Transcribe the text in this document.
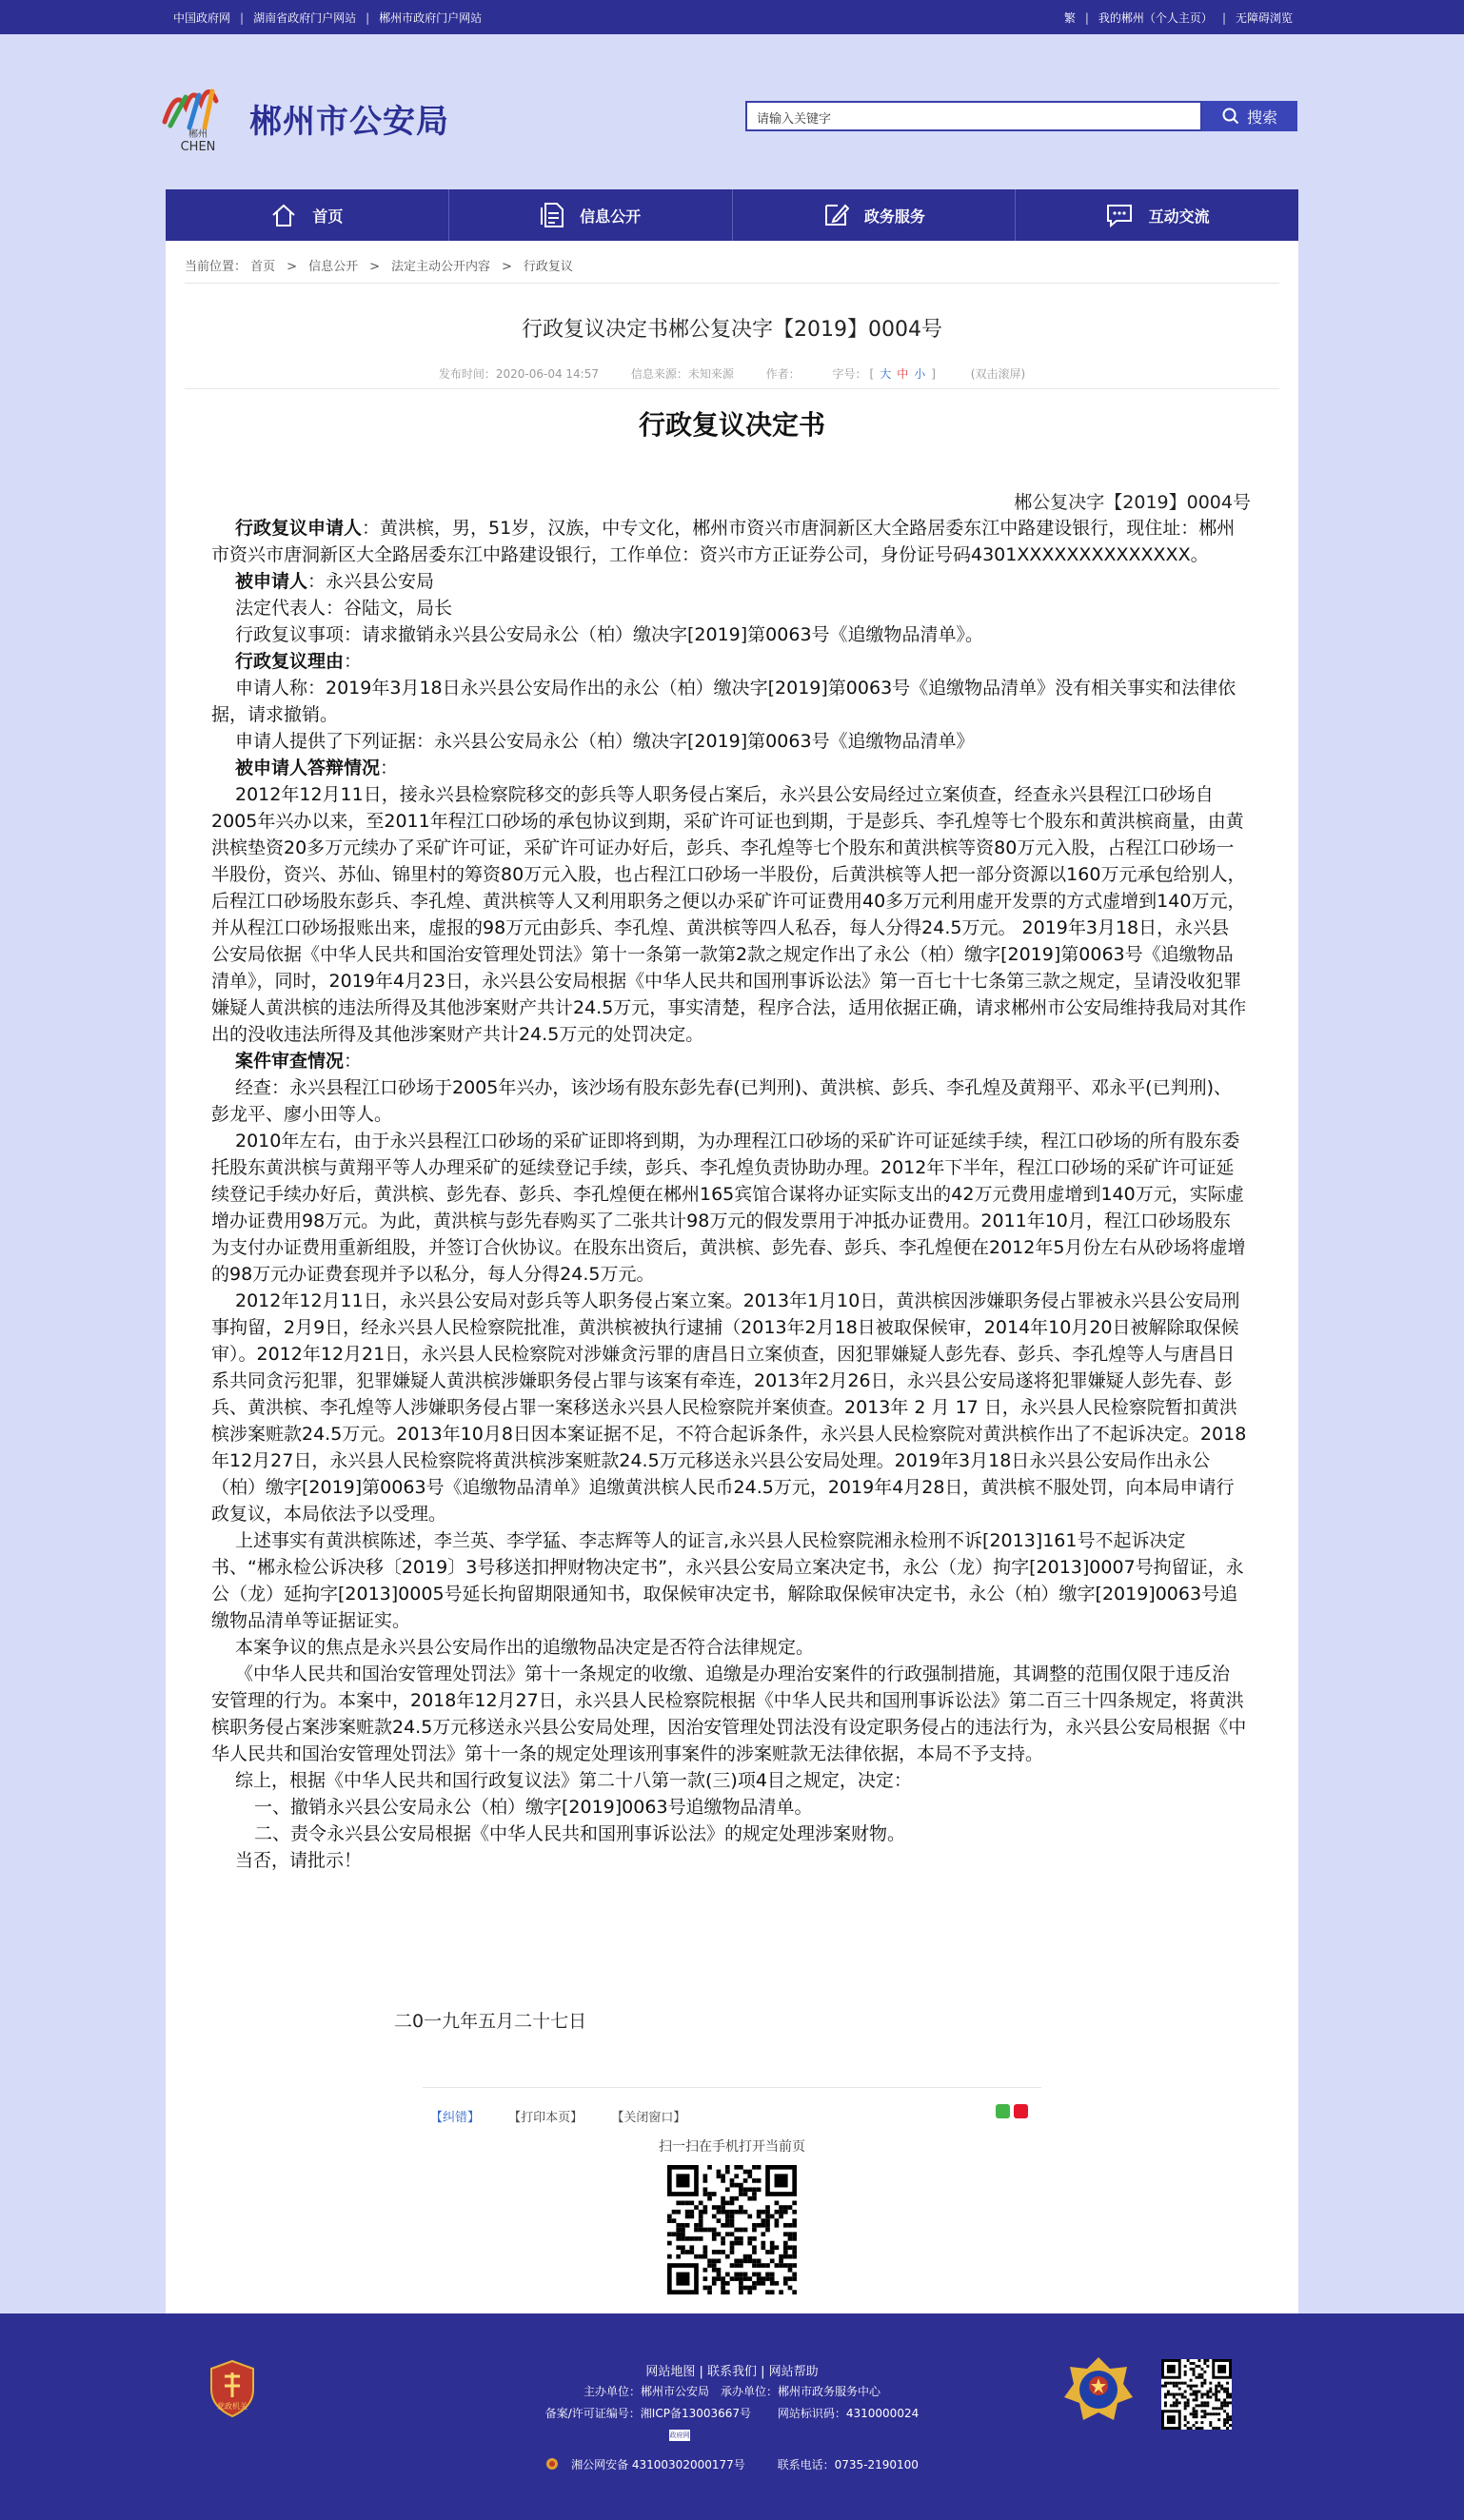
中国政府网 | 湖南省政府门户网站 | 郴州市政府门户网站	繁 | 我的郴州（个人主页） | 无障碍浏览
郴州
CHEN
郴州市公安局	请输入关键字	搜索
首页	信息公开	政务服务	互动交流
当前位置： 首页 > 信息公开 > 法定主动公开内容 > 行政复议
行政复议决定书郴公复决字【2019】0004号
发布时间：2020-06-04 14:57	信息来源：未知来源	作者：	字号： [ 大 中 小 ]	(双击滚屏)
行政复议决定书
郴公复决字【2019】0004号

行政复议申请人：黄洪槟，男，51岁，汉族，中专文化，郴州市资兴市唐洞新区大全路居委东江中路建设银行，现住址：郴州市资兴市唐洞新区大全路居委东江中路建设银行，工作单位：资兴市方正证券公司，身份证号码4301XXXXXXXXXXXXXX。

被申请人：永兴县公安局

法定代表人：谷陆文，局长

行政复议事项：请求撤销永兴县公安局永公（柏）缴决字[2019]第0063号《追缴物品清单》。

行政复议理由：

申请人称：2019年3月18日永兴县公安局作出的永公（柏）缴决字[2019]第0063号《追缴物品清单》没有相关事实和法律依据，请求撤销。

申请人提供了下列证据：永兴县公安局永公（柏）缴决字[2019]第0063号《追缴物品清单》

被申请人答辩情况：

2012年12月11日，接永兴县检察院移交的彭兵等人职务侵占案后，永兴县公安局经过立案侦查，经查永兴县程江口砂场自2005年兴办以来，至2011年程江口砂场的承包协议到期，采矿许可证也到期，于是彭兵、李孔煌等七个股东和黄洪槟商量，由黄洪槟垫资20多万元续办了采矿许可证，采矿许可证办好后，彭兵、李孔煌等七个股东和黄洪槟等资80万元入股，占程江口砂场一半股份，资兴、苏仙、锦里村的筹资80万元入股，也占程江口砂场一半股份，后黄洪槟等人把一部分资源以160万元承包给别人，后程江口砂场股东彭兵、李孔煌、黄洪槟等人又利用职务之便以办采矿许可证费用40多万元利用虚开发票的方式虚增到140万元，并从程江口砂场报账出来，虚报的98万元由彭兵、李孔煌、黄洪槟等四人私吞，每人分得24.5万元。 2019年3月18日，永兴县公安局依据《中华人民共和国治安管理处罚法》第十一条第一款第2款之规定作出了永公（柏）缴字[2019]第0063号《追缴物品清单》，同时，2019年4月23日，永兴县公安局根据《中华人民共和国刑事诉讼法》第一百七十七条第三款之规定，呈请没收犯罪嫌疑人黄洪槟的违法所得及其他涉案财产共计24.5万元，事实清楚，程序合法，适用依据正确，请求郴州市公安局维持我局对其作出的没收违法所得及其他涉案财产共计24.5万元的处罚决定。

案件审查情况：

经查：永兴县程江口砂场于2005年兴办，该沙场有股东彭先春(已判刑)、黄洪槟、彭兵、李孔煌及黄翔平、邓永平(已判刑)、彭龙平、廖小田等人。

2010年左右，由于永兴县程江口砂场的采矿证即将到期，为办理程江口砂场的采矿许可证延续手续，程江口砂场的所有股东委托股东黄洪槟与黄翔平等人办理采矿的延续登记手续，彭兵、李孔煌负责协助办理。2012年下半年，程江口砂场的采矿许可证延续登记手续办好后，黄洪槟、彭先春、彭兵、李孔煌便在郴州165宾馆合谋将办证实际支出的42万元费用虚增到140万元，实际虚增办证费用98万元。为此，黄洪槟与彭先春购买了二张共计98万元的假发票用于冲抵办证费用。2011年10月，程江口砂场股东为支付办证费用重新组股，并签订合伙协议。在股东出资后，黄洪槟、彭先春、彭兵、李孔煌便在2012年5月份左右从砂场将虚增的98万元办证费套现并予以私分，每人分得24.5万元。

2012年12月11日，永兴县公安局对彭兵等人职务侵占案立案。2013年1月10日，黄洪槟因涉嫌职务侵占罪被永兴县公安局刑事拘留，2月9日，经永兴县人民检察院批准，黄洪槟被执行逮捕（2013年2月18日被取保候审，2014年10月20日被解除取保候审）。2012年12月21日，永兴县人民检察院对涉嫌贪污罪的唐昌日立案侦查，因犯罪嫌疑人彭先春、彭兵、李孔煌等人与唐昌日系共同贪污犯罪，犯罪嫌疑人黄洪槟涉嫌职务侵占罪与该案有牵连，2013年2月26日，永兴县公安局遂将犯罪嫌疑人彭先春、彭兵、黄洪槟、李孔煌等人涉嫌职务侵占罪一案移送永兴县人民检察院并案侦查。2013年 2 月 17 日，永兴县人民检察院暂扣黄洪槟涉案赃款24.5万元。2013年10月8日因本案证据不足，不符合起诉条件，永兴县人民检察院对黄洪槟作出了不起诉决定。2018年12月27日，永兴县人民检察院将黄洪槟涉案赃款24.5万元移送永兴县公安局处理。2019年3月18日永兴县公安局作出永公（柏）缴字[2019]第0063号《追缴物品清单》追缴黄洪槟人民币24.5万元，2019年4月28日，黄洪槟不服处罚，向本局申请行政复议，本局依法予以受理。

上述事实有黄洪槟陈述，李兰英、李学猛、李志辉等人的证言,永兴县人民检察院湘永检刑不诉[2013]161号不起诉决定书、“郴永检公诉决移〔2019〕3号移送扣押财物决定书”，永兴县公安局立案决定书，永公（龙）拘字[2013]0007号拘留证，永公（龙）延拘字[2013]0005号延长拘留期限通知书，取保候审决定书，解除取保候审决定书，永公（柏）缴字[2019]0063号追缴物品清单等证据证实。

本案争议的焦点是永兴县公安局作出的追缴物品决定是否符合法律规定。

《中华人民共和国治安管理处罚法》第十一条规定的收缴、追缴是办理治安案件的行政强制措施，其调整的范围仅限于违反治安管理的行为。本案中，2018年12月27日，永兴县人民检察院根据《中华人民共和国刑事诉讼法》第二百三十四条规定，将黄洪槟职务侵占案涉案赃款24.5万元移送永兴县公安局处理，因治安管理处罚法没有设定职务侵占的违法行为，永兴县公安局根据《中华人民共和国治安管理处罚法》第十一条的规定处理该刑事案件的涉案赃款无法律依据，本局不予支持。

综上，根据《中华人民共和国行政复议法》第二十八第一款(三)项4目之规定，决定：

一、撤销永兴县公安局永公（柏）缴字[2019]0063号追缴物品清单。

二、责令永兴县公安局根据《中华人民共和国刑事诉讼法》的规定处理涉案财物。

当否，请批示！

二0一九年五月二十七日
【纠错】 【打印本页】 【关闭窗口】
扫一扫在手机打开当前页
党政机关
网站地图 | 联系我们 | 网站帮助
主办单位：郴州市公安局　承办单位：郴州市政务服务中心
备案/许可证编号：湘ICP备13003667号 网站标识码：4310000024
政府网站
湘公网安备 43100302000177号	联系电话：0735-2190100
